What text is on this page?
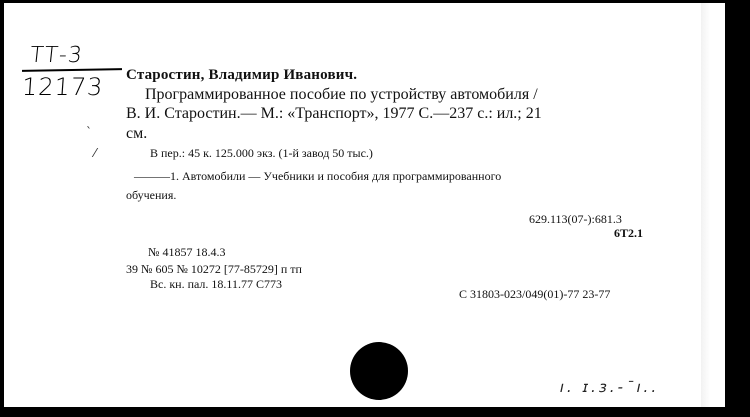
ТТ-3
12173 Старостин, Владимир Иванович.
Программированное пособие по устройству автомобиля /
В. И. Старостин.— М.: «Транспорт», 1977 С.—237 с.: ил.; 21
см.
В пер.: 45 к. 125.000 экз. (1-й завод 50 тыс.)
———1. Автомобили — Учебники и пособия для программированного
обучения.
629.113(07-):681.3
6Т2.1
№ 41857 18.4.3
39 № 605 № 10272 [77-85729] п тп
Вс. кн. пал. 18.11.77 С773
С 31803-023/049(01)-77 23-77
ˋ
⁄
ı. ɪ.з.-ˉı..
